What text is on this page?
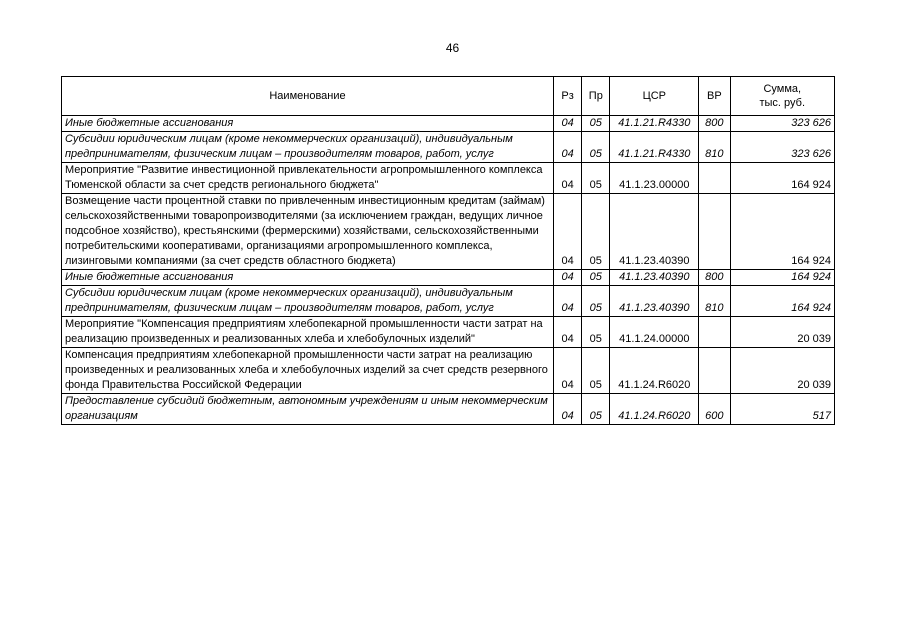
46
Наименование	Рз	Пр	ЦСР	ВР	Сумма,
тыс. руб.

Иные бюджетные ассигнования	04	05	41.1.21.R4330	800	323 626
Субсидии юридическим лицам (кроме некоммерческих организаций), индивидуальным предпринимателям, физическим лицам – производителям товаров, работ, услуг	04	05	41.1.21.R4330	810	323 626
Мероприятие "Развитие инвестиционной привлекательности агропромышленного комплекса Тюменской области за счет средств регионального бюджета"	04	05	41.1.23.00000		164 924
Возмещение части процентной ставки по привлеченным инвестиционным кредитам (займам) сельскохозяйственными товаропроизводителями (за исключением граждан, ведущих личное подсобное хозяйство), крестьянскими (фермерскими) хозяйствами, сельскохозяйственными потребительскими кооперативами, организациями агропромышленного комплекса, лизинговыми компаниями (за счет средств областного бюджета)	04	05	41.1.23.40390		164 924
Иные бюджетные ассигнования	04	05	41.1.23.40390	800	164 924
Субсидии юридическим лицам (кроме некоммерческих организаций), индивидуальным предпринимателям, физическим лицам – производителям товаров, работ, услуг	04	05	41.1.23.40390	810	164 924
Мероприятие "Компенсация предприятиям хлебопекарной промышленности части затрат на реализацию произведенных и реализованных хлеба и хлебобулочных изделий"	04	05	41.1.24.00000		20 039
Компенсация предприятиям хлебопекарной промышленности части затрат на реализацию произведенных и реализованных хлеба и хлебобулочных изделий за счет средств резервного фонда Правительства Российской Федерации	04	05	41.1.24.R6020		20 039
Предоставление субсидий бюджетным, автономным учреждениям и иным некоммерческим организациям	04	05	41.1.24.R6020	600	517
